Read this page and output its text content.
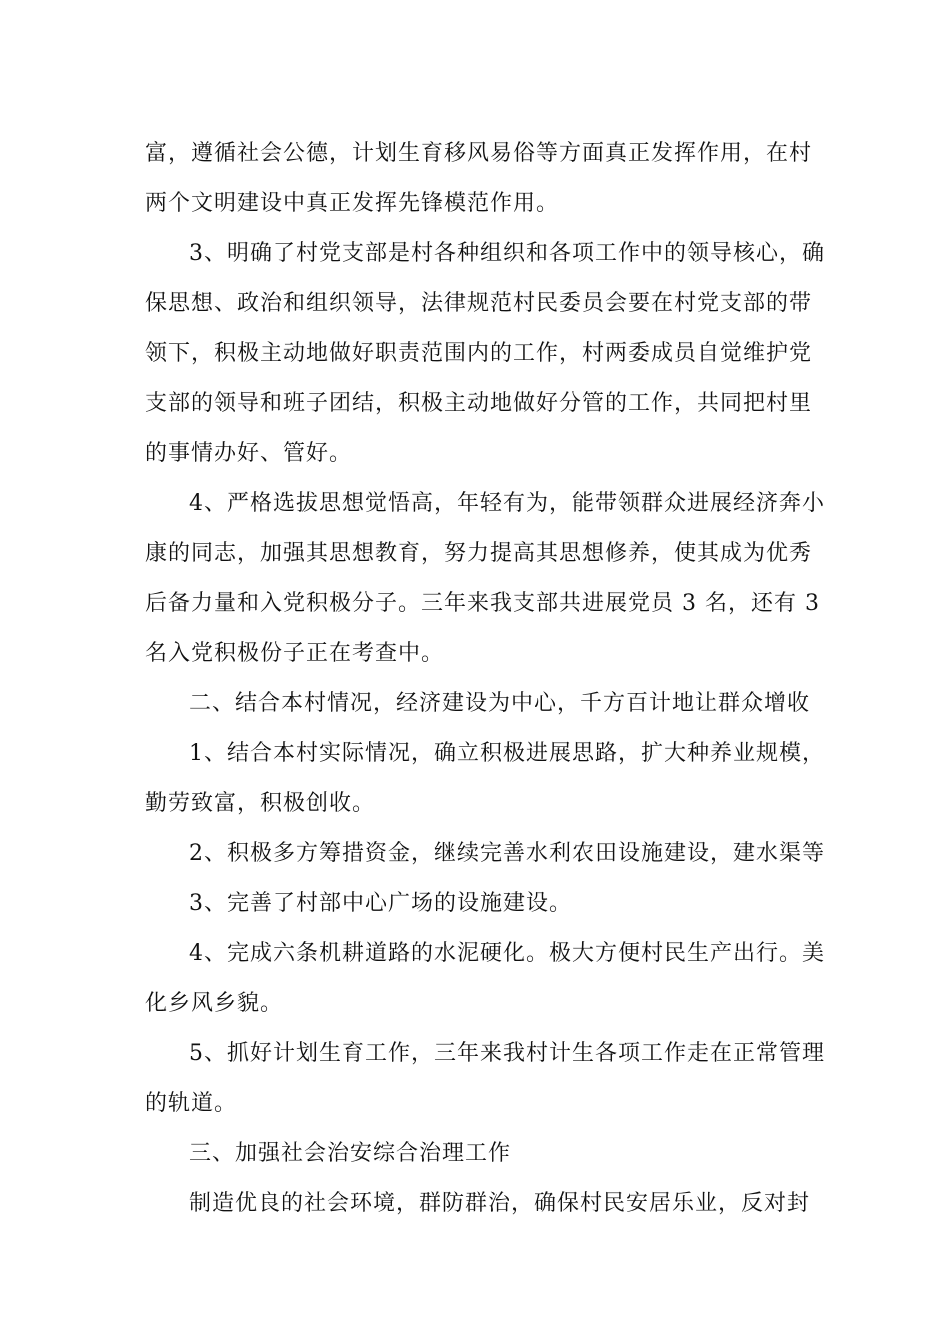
富，遵循社会公德，计划生育移风易俗等方面真正发挥作用，在村
两个文明建设中真正发挥先锋模范作用。

3、明确了村党支部是村各种组织和各项工作中的领导核心，确
保思想、政治和组织领导，法律规范村民委员会要在村党支部的带
领下，积极主动地做好职责范围内的工作，村两委成员自觉维护党
支部的领导和班子团结，积极主动地做好分管的工作，共同把村里
的事情办好、管好。

4、严格选拔思想觉悟高，年轻有为，能带领群众进展经济奔小
康的同志，加强其思想教育，努力提高其思想修养，使其成为优秀
后备力量和入党积极分子。三年来我支部共进展党员 3 名，还有 3
名入党积极份子正在考查中。

二、结合本村情况，经济建设为中心，千方百计地让群众增收

1、结合本村实际情况，确立积极进展思路，扩大种养业规模，
勤劳致富，积极创收。

2、积极多方筹措资金，继续完善水利农田设施建设，建水渠等

3、完善了村部中心广场的设施建设。

4、完成六条机耕道路的水泥硬化。极大方便村民生产出行。美
化乡风乡貌。

5、抓好计划生育工作，三年来我村计生各项工作走在正常管理
的轨道。

三、加强社会治安综合治理工作

制造优良的社会环境，群防群治，确保村民安居乐业，反对封
